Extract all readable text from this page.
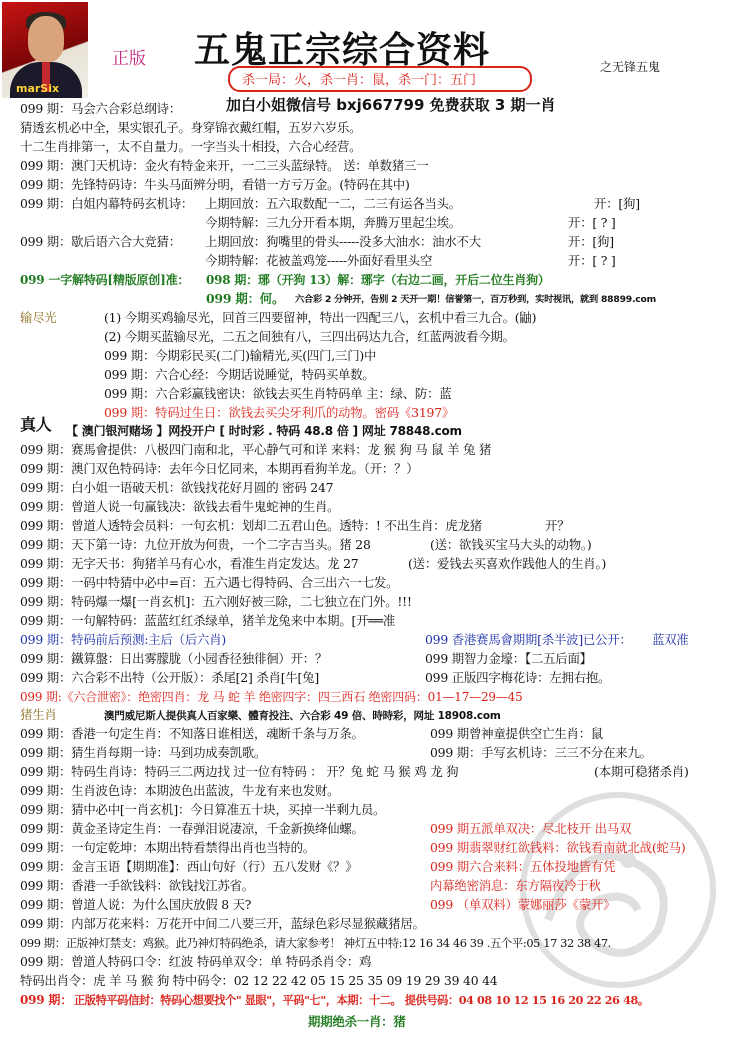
marSix
正版 五鬼正宗综合资料
杀一局：火，杀一肖：鼠，杀一门：五门
之无锋五鬼
加白小姐微信号 bxj667799 免费获取 3 期一肖
099 期：马会六合彩总纲诗：
猜透玄机必中全，果实银孔子。身穿锦衣戴红帽，五岁六岁乐。
十二生肖排第一，太不自量力。一字当头十相投，六合心经营。
099 期：澳门天机诗：金火有特金来开，一二三头蓝绿特。 送：单数猪三一
099 期：先锋特码诗：牛头马面辨分明，看错一方亏万金。(特码在其中)
099 期：白姐内幕特码玄机诗： 上期回放：五六取数配一二，二三有运各当头。	开：[狗]
今期特解：三九分开看本期，奔腾万里起尘埃。	开：[ ? ]
099 期：歇后语六合大竞猜： 上期回放：狗嘴里的骨头-----没多大油水：油水不大	开：[狗]
今期特解：花被盖鸡笼-----外面好看里头空	开：[ ? ]
099 一字解特码[精版原创]准： 098 期：琊（开狗 13）解：琊字（右边二画，开后二位生肖狗）
099 期：何。 六合彩 2 分钟开，告别 2 天开一期！信誉第一，百万秒到，实时视讯，就到 88899.com
输尽光	(1) 今期买鸡输尽光，回首三四要留神，特出一四配三八，玄机中看三九合。(鼬)
(2) 今期买蓝输尽光，二五之间独有八，三四出码达九合，红蓝两波看今期。
099 期：今期彩民买(二门)输精光,买(四门,三门)中
099 期：六合心经：今期话说睡觉，特码买单数。
099 期：六合彩赢钱密诀：欲钱去买生肖特码单 主：绿、防：蓝
099 期：特码过生日：欲钱去买尖牙利爪的动物。密码《3197》
真人 【 澳门银河赌场 】网投开户 [ 时时彩 . 特码 48.8 倍 ] 网址 78848.com
099 期：赛馬會提供：八极四门南和北，平心静气可和详 来料：龙 猴 狗 马 鼠 羊 兔 猪
099 期：澳门双色特码诗：去年今日忆同来，本期再看狗羊龙。（开：？）
099 期：白小姐一语破天机：欲钱找花好月圆的 密码 247
099 期：曾道人说一句赢钱决：欲钱去看牛鬼蛇神的生肖。
099 期：曾道人透特会员料：一句玄机：划却二五君山色。透特：! 不出生肖：虎龙猪	开？
099 期：天下第一诗：九位开放为何贵，一个二字吉当头。猪 28	(送：欲钱买宝马大头的动物。)
099 期：无字天书：狗猪羊马有心水，看准生肖定发达。龙 27	(送：爱钱去买喜欢作践他人的生肖。)
099 期：一码中特猜中必中=百：五六遇七得特码、合三出六一七发。
099 期：特码爆一爆[一肖玄机]：五六刚好被三除，二七独立在门外。!!!
099 期：一句解特码：蓝蓝红红杀绿单，猪羊龙兔来中本期。[开══准
099 期：特码前后预测:主后（后六肖)	099 香港赛馬會期期[杀半波]已公开： 蓝双准
099 期：鐵算盤：日出雾朦胧（小园香径独徘徊）开：？	099 期智力金壕：【二五后面】
099 期：六合彩不出特（公开版）：杀尾[2] 杀肖[牛[兔]	099 正版四字梅花诗：左拥右抱。
099 期:《六合泄密》：绝密四肖：龙 马 蛇 羊 绝密四字：四三西石 绝密四码：01—17—29—45
猪生肖	澳門威尼斯人提供真人百家樂、體育投注、六合彩 49 倍、時時彩，网址 18908.com
099 期：香港一句定生肖：不知落日谁相送，魂断千条与万条。	099 期曾神童提供空亡生肖：鼠
099 期：猜生肖每期一诗：马到功成奏凯歌。	099 期：手写玄机诗：三三不分在来九。
099 期：特码生肖诗：特码三二两边找 过一位有特码 ： 开？兔 蛇 马 猴 鸡 龙 狗	(本期可稳猪杀肖)
099 期：生肖波色诗：本期波色出蓝波，牛龙有来也发财。
099 期：猜中必中[一肖玄机]：今日算准五十块，买掉一半剩九员。
099 期：黄金圣诗定生肖：一春弹泪说凄凉，千金新换绛仙螺。	099 期五派单双决：尽北枝开 出马双
099 期：一句定乾坤：本期出特看禁得出肖也当特的。	099 期翡翠财红欲钱料：欲钱看南就北战(蛇马)
099 期：金言玉语【期期准】：西山句好（行）五八发财《？》	099 期六合来料：五体投地皆有凭
099 期：香港一手欲钱料：欲钱找江苏省。	内幕绝密消息：东方隔夜冷于秋
099 期：曾道人说：为什么国庆放假 8 天?	099 （单双料）蒙娜丽莎《蒙开》
099 期：内部万花来料：万花开中间二八要三开，蓝绿色彩尽显猴藏猪居。
099 期：正版神灯禁支：鸡猴。此乃神灯特码绝杀，请大家参考！ 神灯五中特:12 16 34 46 39 .五个平:05 17 32 38 47.
099 期：曾道人特码口令：红波 特码单双令：单 特码杀肖令：鸡
特码出肖令：虎 羊 马 猴 狗 特中码令：02 12 22 42 05 15 25 35 09 19 29 39 40 44
099 期： 正版特平码信封：特码心想要找个" 显眼"，平码"七"，本期：十二。 提供号码：04 08 10 12 15 16 20 22 26 48。
期期绝杀一肖：猪
